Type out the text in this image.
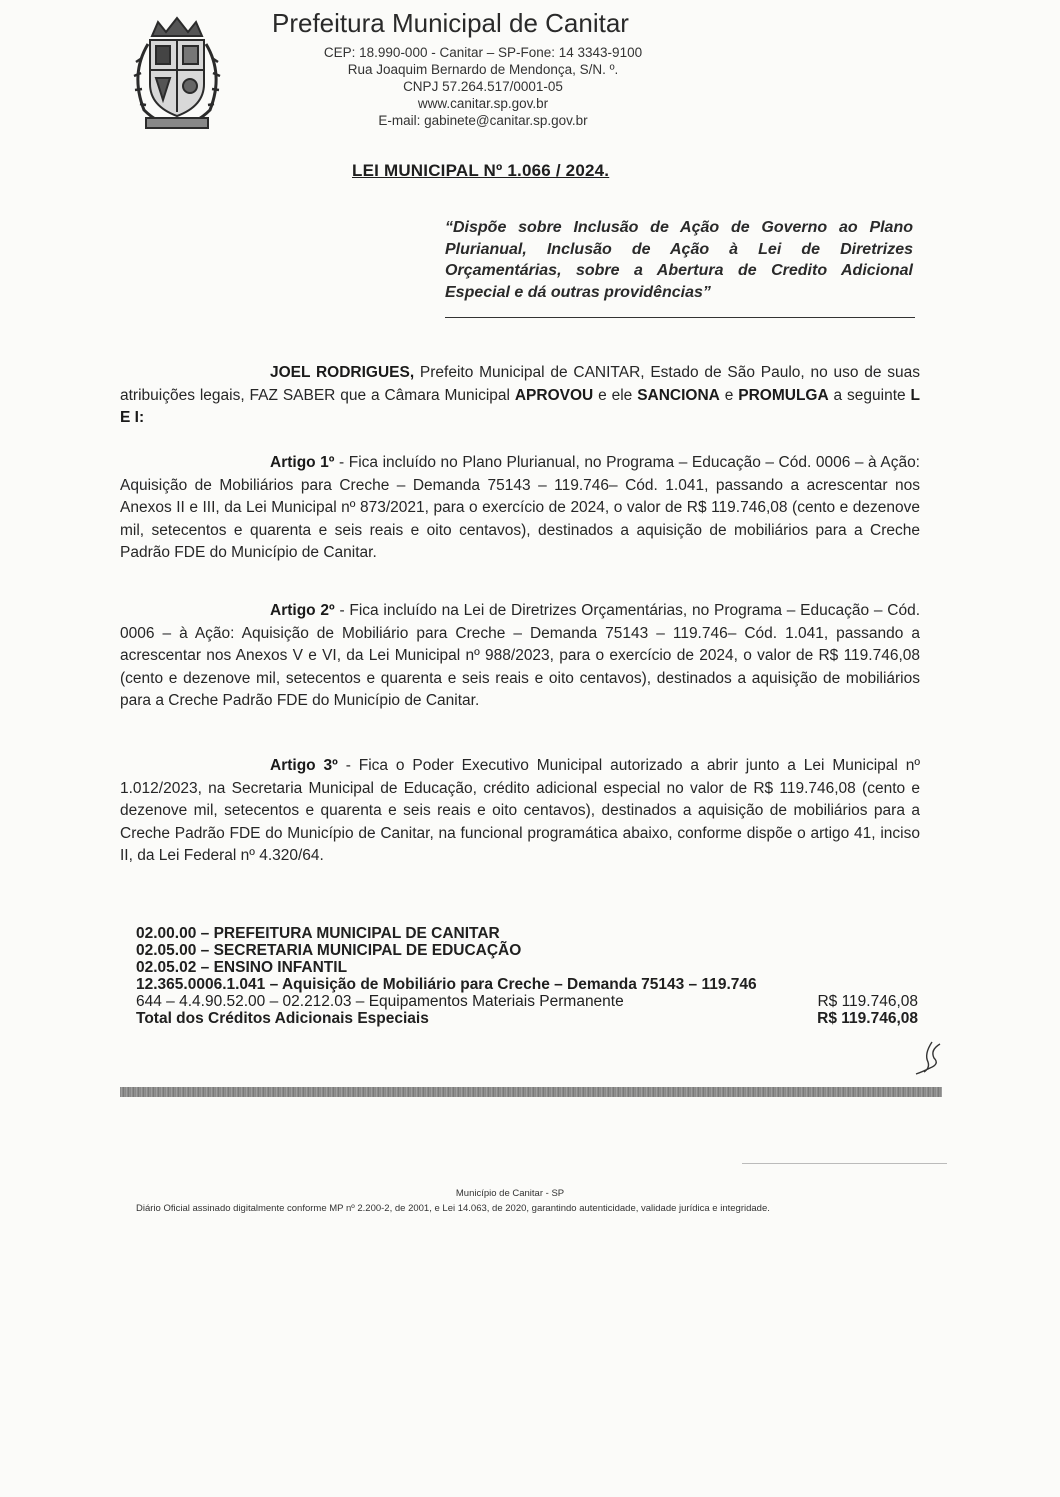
Prefeitura Municipal de Canitar
CEP: 18.990-000 - Canitar – SP-Fone: 14 3343-9100
Rua Joaquim Bernardo de Mendonça, S/N. º.
CNPJ 57.264.517/0001-05
www.canitar.sp.gov.br
E-mail: gabinete@canitar.sp.gov.br
LEI MUNICIPAL Nº 1.066 / 2024.
“Dispõe sobre Inclusão de Ação de Governo ao Plano Plurianual, Inclusão de Ação à Lei de Diretrizes Orçamentárias, sobre a Abertura de Credito Adicional Especial e dá outras providências”
JOEL RODRIGUES, Prefeito Municipal de CANITAR, Estado de São Paulo, no uso de suas atribuições legais, FAZ SABER que a Câmara Municipal APROVOU e ele SANCIONA e PROMULGA a seguinte L E I:
Artigo 1º - Fica incluído no Plano Plurianual, no Programa – Educação – Cód. 0006 – à Ação: Aquisição de Mobiliários para Creche – Demanda 75143 – 119.746– Cód. 1.041, passando a acrescentar nos Anexos II e III, da Lei Municipal nº 873/2021, para o exercício de 2024, o valor de R$ 119.746,08 (cento e dezenove mil, setecentos e quarenta e seis reais e oito centavos), destinados a aquisição de mobiliários para a Creche Padrão FDE do Município de Canitar.
Artigo 2º - Fica incluído na Lei de Diretrizes Orçamentárias, no Programa – Educação – Cód. 0006 – à Ação: Aquisição de Mobiliário para Creche – Demanda 75143 – 119.746– Cód. 1.041, passando a acrescentar nos Anexos V e VI, da Lei Municipal nº 988/2023, para o exercício de 2024, o valor de R$ 119.746,08 (cento e dezenove mil, setecentos e quarenta e seis reais e oito centavos), destinados a aquisição de mobiliários para a Creche Padrão FDE do Município de Canitar.
Artigo 3º - Fica o Poder Executivo Municipal autorizado a abrir junto a Lei Municipal nº 1.012/2023, na Secretaria Municipal de Educação, crédito adicional especial no valor de R$ 119.746,08 (cento e dezenove mil, setecentos e quarenta e seis reais e oito centavos), destinados a aquisição de mobiliários para a Creche Padrão FDE do Município de Canitar, na funcional programática abaixo, conforme dispõe o artigo 41, inciso II, da Lei Federal nº 4.320/64.
02.00.00 – PREFEITURA MUNICIPAL DE CANITAR
02.05.00 – SECRETARIA MUNICIPAL DE EDUCAÇÃO
02.05.02 – ENSINO INFANTIL
12.365.0006.1.041 – Aquisição de Mobiliário para Creche – Demanda 75143 – 119.746
644 – 4.4.90.52.00 – 02.212.03 – Equipamentos Materiais Permanente	R$ 119.746,08
Total dos Créditos Adicionais Especiais	R$ 119.746,08
Município de Canitar - SP
Diário Oficial assinado digitalmente conforme MP nº 2.200-2, de 2001, e Lei 14.063, de 2020, garantindo autenticidade, validade jurídica e integridade.
